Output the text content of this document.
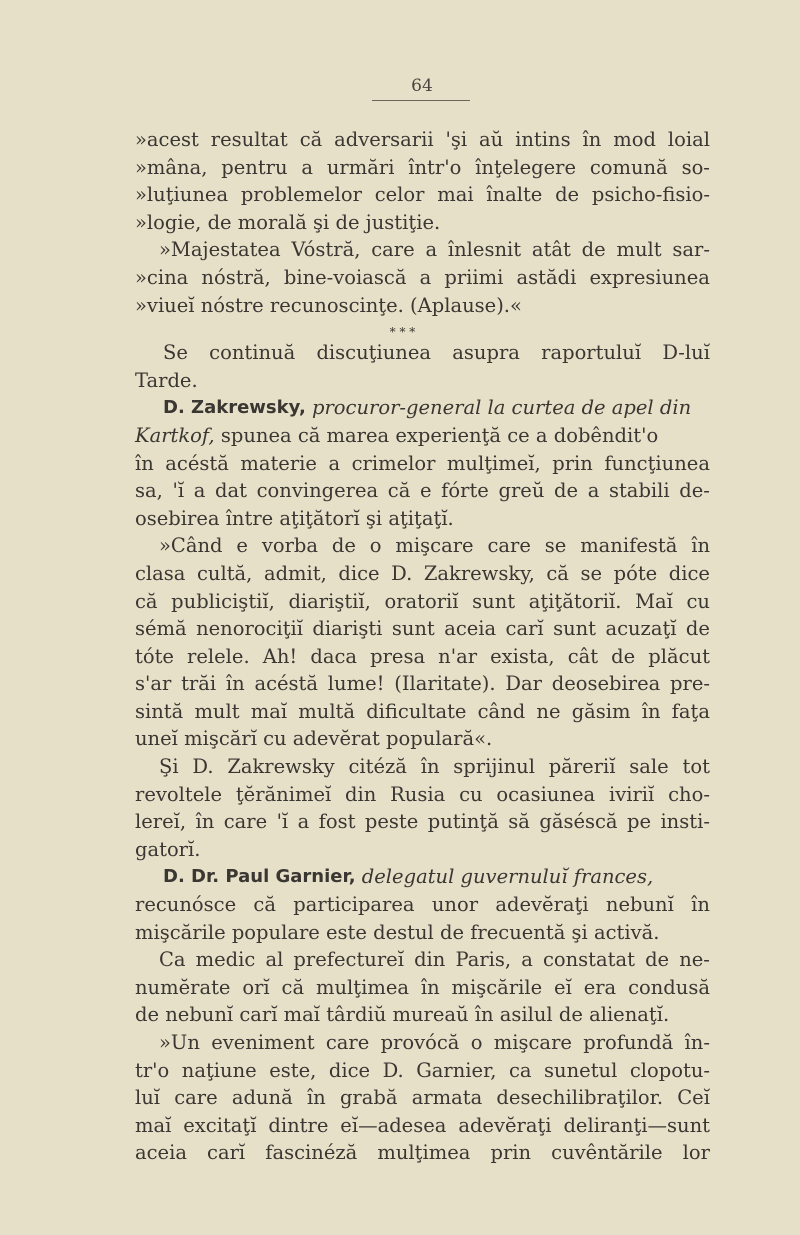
64
»acest resultat că adversarii 'şi aŭ intins în mod loial
»mâna, pentru a urmări într'o înţelegere comună so-
»luţiunea problemelor celor mai înalte de psicho-fisio-
»logie, de morală şi de justiţie.
»Majestatea Vóstră, care a înlesnit atât de mult sar-
»cina nóstră, bine-voiască a priimi astădi expresiunea
»viueĭ nóstre recunoscinţe. (Aplause).«
* * *
Se continuă discuţiunea asupra raportuluĭ D-luĭ
Tarde.
D. Zakrewsky,
procuror-general la curtea de apel din
Kartkof,
spunea că marea experienţă ce a dobêndit'o
în acéstă materie a crimelor mulţimeĭ, prin funcţiunea
sa, 'ĭ a dat convingerea că e fórte greŭ de a stabili de-
osebirea între aţiţătorĭ şi aţiţaţĭ.
»Când e vorba de o mişcare care se manifestă în
clasa cultă, admit, dice D. Zakrewsky, că se póte dice
că publiciştiĭ, diariştiĭ, oratoriĭ sunt aţiţătoriĭ. Maĭ cu
sémă nenorociţiĭ diarişti sunt aceia carĭ sunt acuzaţĭ de
tóte relele. Ah! daca presa n'ar exista, cât de plăcut
s'ar trăi în acéstă lume! (Ilaritate). Dar deosebirea pre-
sintă mult maĭ multă dificultate când ne găsim în faţa
uneĭ mişcărĭ cu adevĕrat populară«.
Şi D. Zakrewsky citéză în sprijinul păreriĭ sale tot
revoltele ţĕrănimeĭ din Rusia cu ocasiunea iviriĭ cho-
lereĭ, în care 'ĭ a fost peste putinţă să găséscă pe insti-
gatorĭ.
D. Dr. Paul Garnier,
delegatul guvernuluĭ frances,
recunósce că participarea unor adevĕraţi nebunĭ în
mişcările populare este destul de frecuentă şi activă.
Ca medic al prefectureĭ din Paris, a constatat de ne-
numĕrate orĭ că mulţimea în mişcările eĭ era condusă
de nebunĭ carĭ maĭ târdiŭ mureaŭ în asilul de alienaţĭ.
»Un eveniment care provócă o mişcare profundă în-
tr'o naţiune este, dice D. Garnier, ca sunetul clopotu-
luĭ care adună în grabă armata desechilibraţilor. Ceĭ
maĭ excitaţĭ dintre eĭ—adesea adevĕraţi deliranţi—sunt
aceia carĭ fascinéză mulţimea prin cuvêntările lor
